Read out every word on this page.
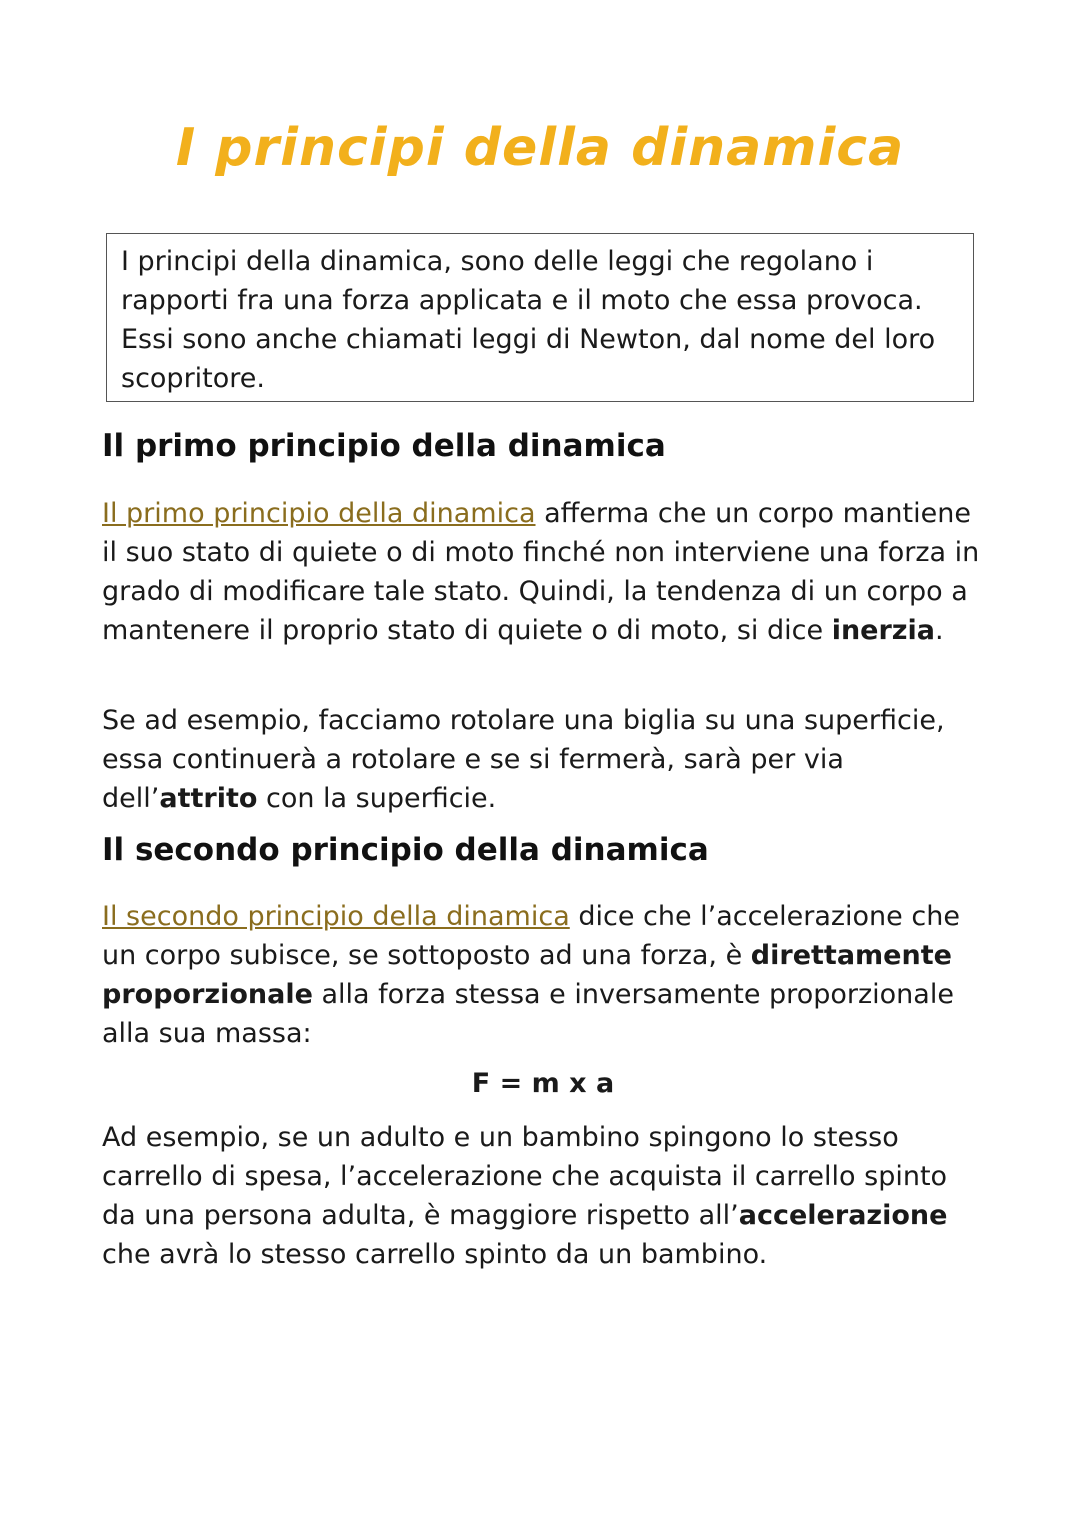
I principi della dinamica
I principi della dinamica, sono delle leggi che regolano i rapporti fra una forza applicata e il moto che essa provoca. Essi sono anche chiamati leggi di Newton, dal nome del loro scopritore.
Il primo principio della dinamica

Il primo principio della dinamica afferma che un corpo mantiene il suo stato di quiete o di moto finché non interviene una forza in grado di modificare tale stato. Quindi, la tendenza di un corpo a mantenere il proprio stato di quiete o di moto, si dice inerzia.

Se ad esempio, facciamo rotolare una biglia su una superficie, essa continuerà a rotolare e se si fermerà, sarà per via dell’attrito con la superficie.

Il secondo principio della dinamica

Il secondo principio della dinamica dice che l’accelerazione che un corpo subisce, se sottoposto ad una forza, è direttamente proporzionale alla forza stessa e inversamente proporzionale alla sua massa:

F = m x a

Ad esempio, se un adulto e un bambino spingono lo stesso carrello di spesa, l’accelerazione che acquista il carrello spinto da una persona adulta, è maggiore rispetto all’accelerazione che avrà lo stesso carrello spinto da un bambino.
